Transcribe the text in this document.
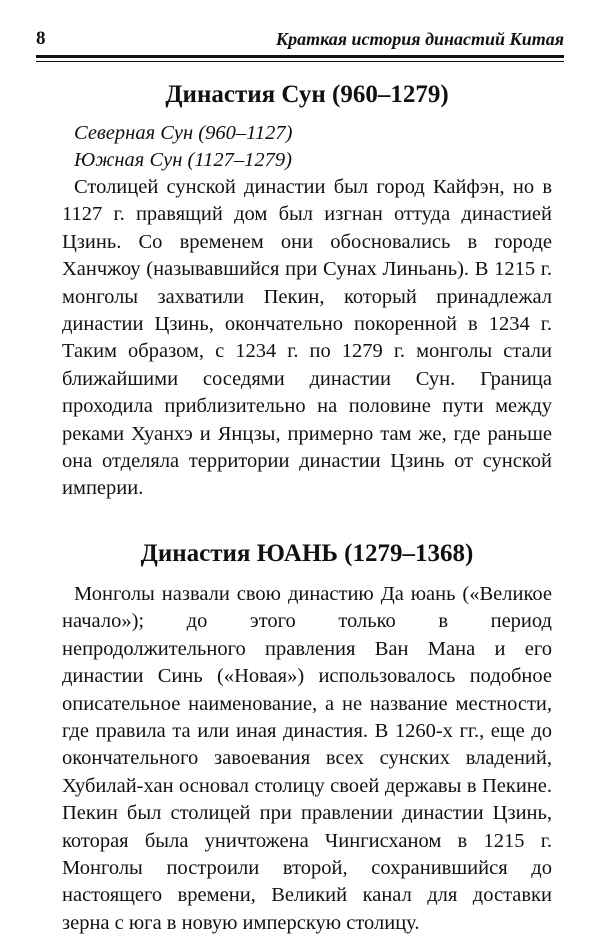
8	Краткая история династий Китая
Династия Сун (960–1279)

Северная Сун (960–1127)

Южная Сун (1127–1279)

Столицей сунской династии был город Кайфэн, но в 1127 г. правящий дом был изгнан оттуда династией Цзинь. Со временем они обосновались в городе Ханчжоу (называвшийся при Сунах Линьань). В 1215 г. монголы захватили Пекин, который принадлежал династии Цзинь, окончательно покоренной в 1234 г. Таким образом, с 1234 г. по 1279 г. монголы стали ближайшими соседями династии Сун. Граница проходила приблизительно на половине пути между реками Хуанхэ и Янцзы, примерно там же, где раньше она отделяла территории династии Цзинь от сунской империи.

Династия ЮАНЬ (1279–1368)

Монголы назвали свою династию Да юань («Великое начало»); до этого только в период непродолжительного правления Ван Мана и его династии Синь («Новая») использовалось подобное описательное наименование, а не название местности, где правила та или иная династия. В 1260-х гг., еще до окончательного завоевания всех сунских владений, Хубилай-хан основал столицу своей державы в Пекине. Пекин был столицей при правлении династии Цзинь, которая была уничтожена Чингисханом в 1215 г. Монголы построили второй, сохранившийся до настоящего времени, Великий канал для доставки зерна с юга в новую имперскую столицу.
